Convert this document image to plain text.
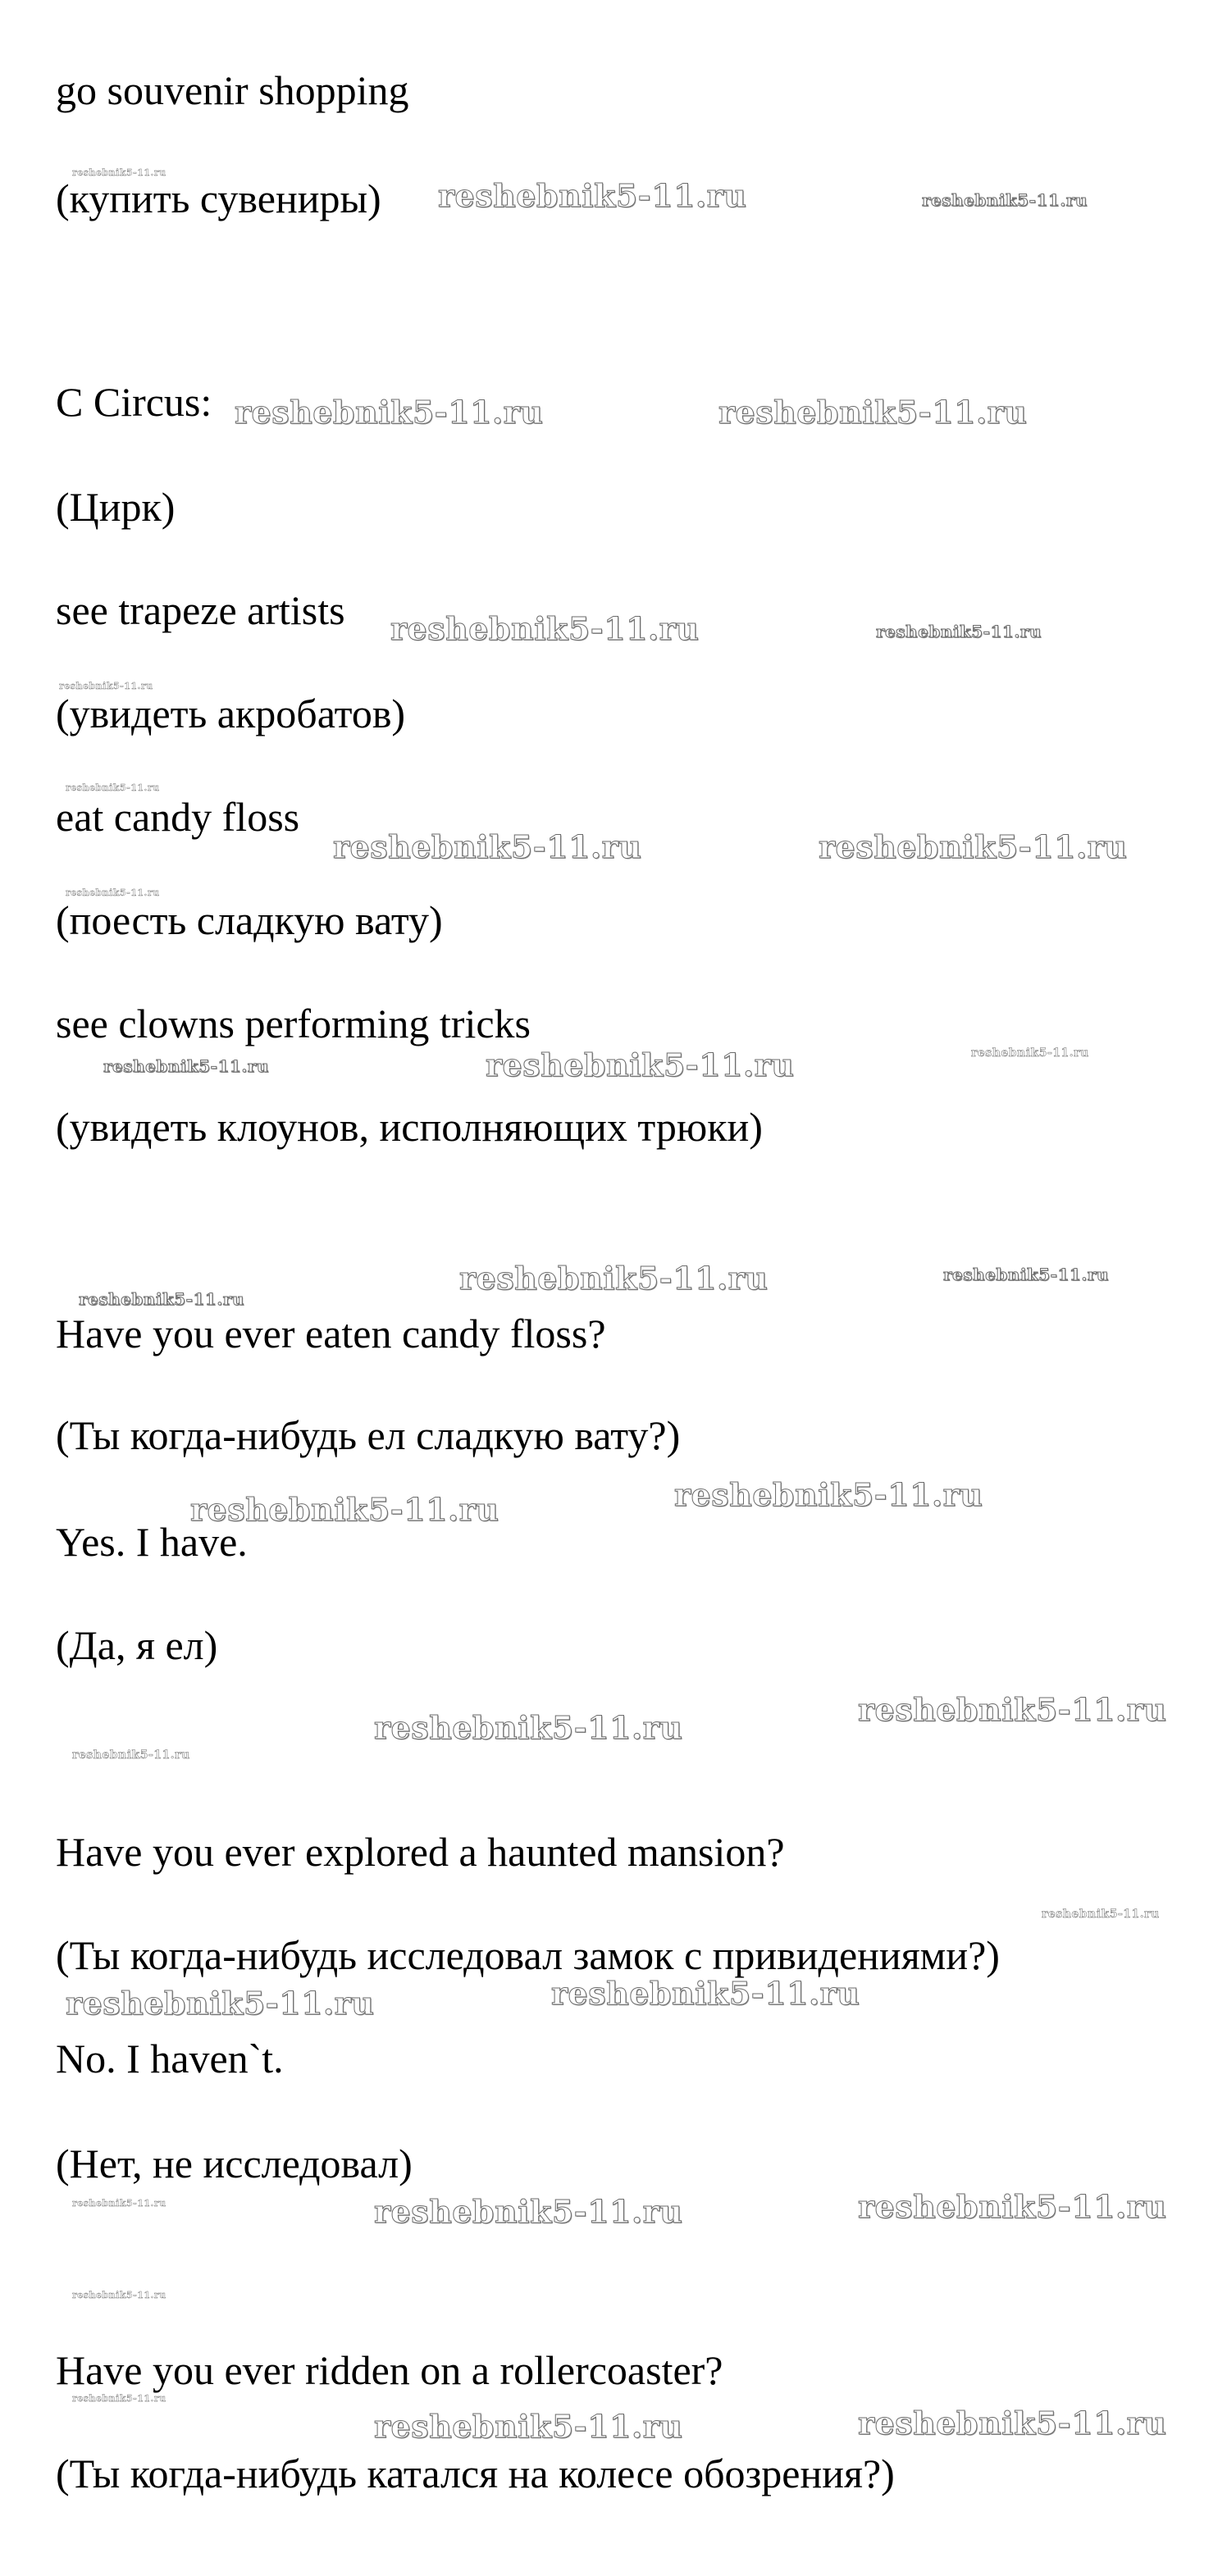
go souvenir shopping
(купить сувениры)
C Circus:
(Цирк)
see trapeze artists
(увидеть акробатов)
eat candy floss
(поесть сладкую вату)
see clowns performing tricks
(увидеть клоунов, исполняющих трюки)
Have you ever eaten candy floss?
(Ты когда-нибудь ел сладкую вату?)
Yes. I have.
(Да, я ел)
Have you ever explored a haunted mansion?
(Ты когда-нибудь исследовал замок с привидениями?)
No. I haven`t.
(Нет, не исследовал)
Have you ever ridden on a rollercoaster?
(Ты когда-нибудь катался на колесе обозрения?)
reshebnik5-11.ru
reshebnik5-11.ru	reshebnik5-11.ru
reshebnik5-11.ru	reshebnik5-11.ru
reshebnik5-11.ru	reshebnik5-11.ru
reshebnik5-11.ru
reshebnik5-11.ru
reshebnik5-11.ru	reshebnik5-11.ru
reshebnik5-11.ru
reshebnik5-11.ru
reshebnik5-11.ru	reshebnik5-11.ru
reshebnik5-11.ru	reshebnik5-11.ru
reshebnik5-11.ru
reshebnik5-11.ru
reshebnik5-11.ru
reshebnik5-11.ru
reshebnik5-11.ru
reshebnik5-11.ru
reshebnik5-11.ru
reshebnik5-11.ru	reshebnik5-11.ru
reshebnik5-11.ru	reshebnik5-11.ru	reshebnik5-11.ru
reshebnik5-11.ru
reshebnik5-11.ru
reshebnik5-11.ru	reshebnik5-11.ru
